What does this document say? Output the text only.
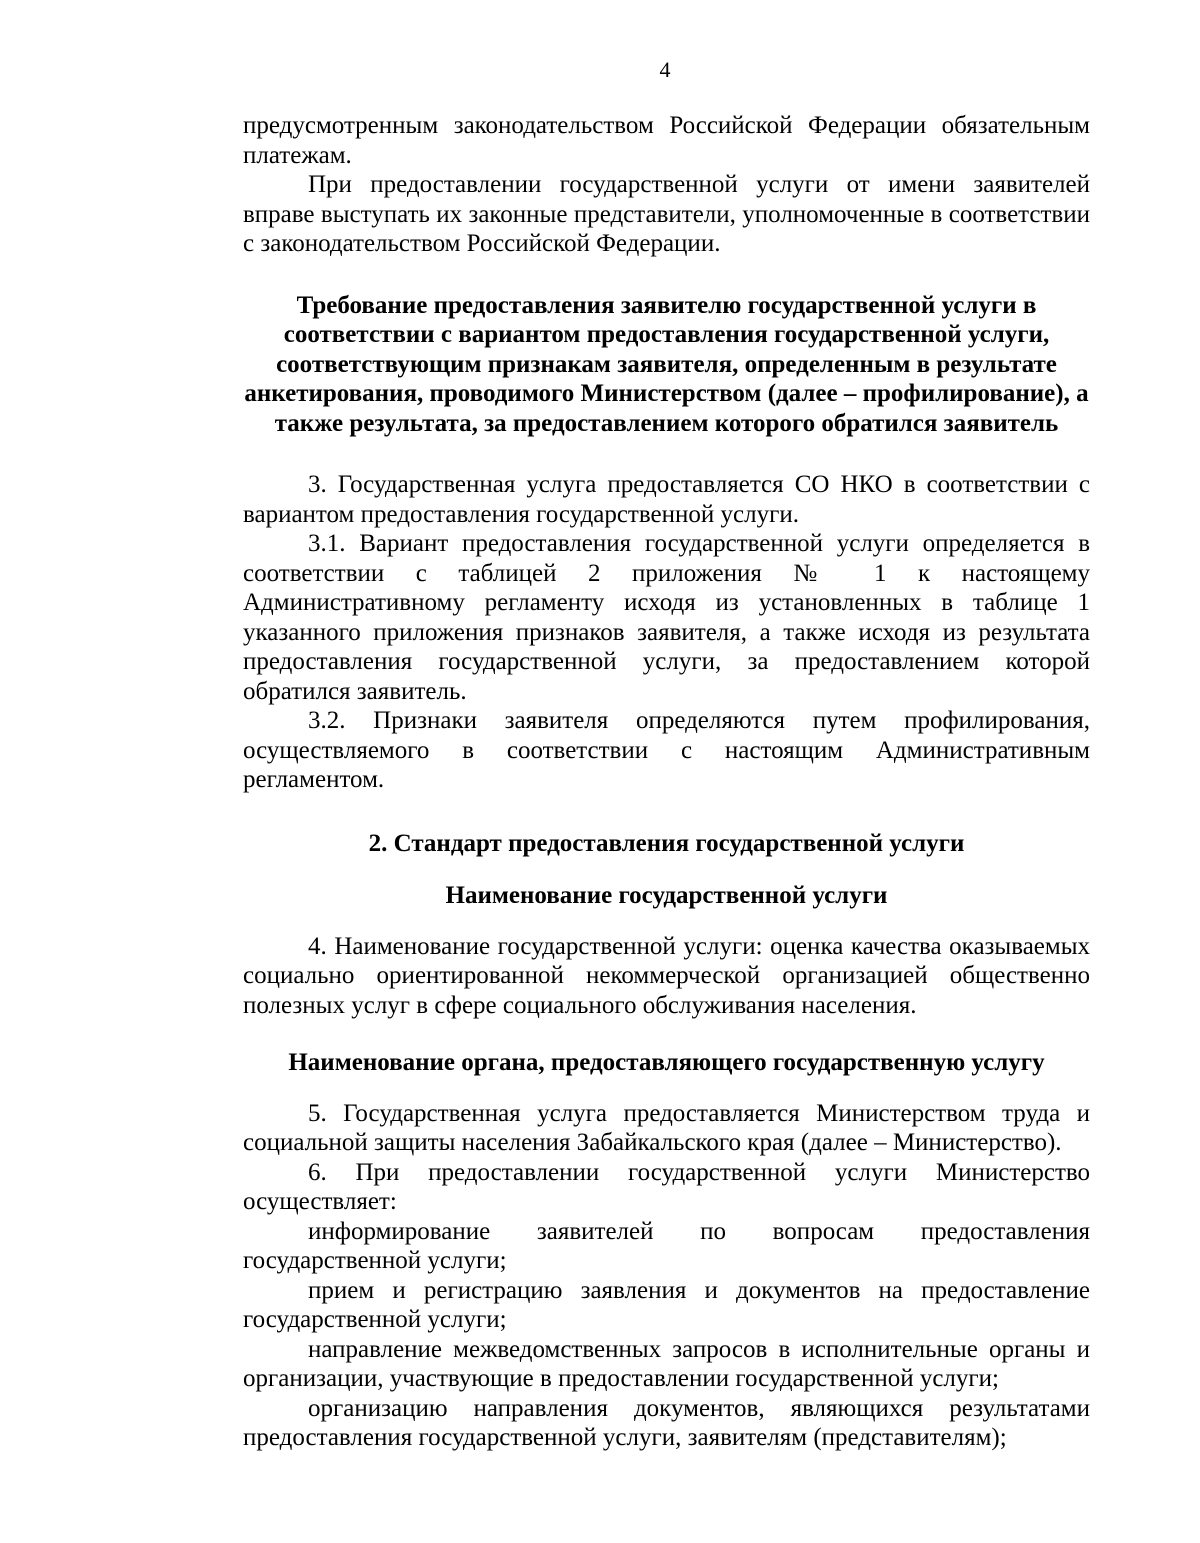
4

предусмотренным законодательством Российской Федерации обязательным платежам.

При предоставлении государственной услуги от имени заявителей вправе выступать их законные представители, уполномоченные в соответствии с законодательством Российской Федерации.

Требование предоставления заявителю государственной услуги в соответствии с вариантом предоставления государственной услуги, соответствующим признакам заявителя, определенным в результате анкетирования, проводимого Министерством (далее – профилирование), а также результата, за предоставлением которого обратился заявитель

3. Государственная услуга предоставляется СО НКО в соответствии с вариантом предоставления государственной услуги.

3.1. Вариант предоставления государственной услуги определяется в соответствии с таблицей 2 приложения № 1 к настоящему Административному регламенту исходя из установленных в таблице 1 указанного приложения признаков заявителя, а также исходя из результата предоставления государственной услуги, за предоставлением которой обратился заявитель.

3.2. Признаки заявителя определяются путем профилирования, осуществляемого в соответствии с настоящим Административным регламентом.

2. Стандарт предоставления государственной услуги

Наименование государственной услуги

4. Наименование государственной услуги: оценка качества оказываемых социально ориентированной некоммерческой организацией общественно полезных услуг в сфере социального обслуживания населения.

Наименование органа, предоставляющего государственную услугу

5. Государственная услуга предоставляется Министерством труда и социальной защиты населения Забайкальского края (далее – Министерство).

6. При предоставлении государственной услуги Министерство осуществляет:

информирование заявителей по вопросам предоставления государственной услуги;

прием и регистрацию заявления и документов на предоставление государственной услуги;

направление межведомственных запросов в исполнительные органы и организации, участвующие в предоставлении государственной услуги;

организацию направления документов, являющихся результатами предоставления государственной услуги, заявителям (представителям);
